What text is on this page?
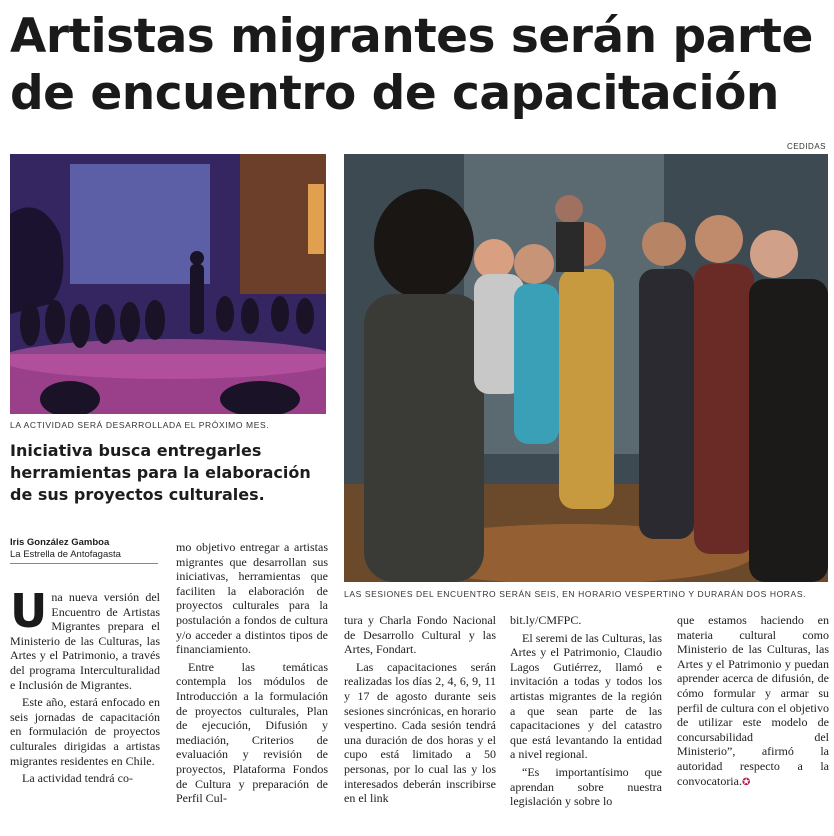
Artistas migrantes serán parte de encuentro de capacitación
CEDIDAS
LA ACTIVIDAD SERÁ DESARROLLADA EL PRÓXIMO MES.
LAS SESIONES DEL ENCUENTRO SERÁN SEIS, EN HORARIO VESPERTINO Y DURARÁN DOS HORAS.
Iniciativa busca entregarles herramientas para la elaboración de sus proyectos culturales.
Iris González Gamboa
La Estrella de Antofagasta

Una nueva versión del Encuentro de Artistas Migrantes prepara el Ministerio de las Culturas, las Artes y el Patrimonio, a través del programa Interculturalidad e Inclusión de Migrantes.

Este año, estará enfocado en seis jornadas de capacitación en formulación de proyectos culturales dirigidas a artistas migrantes residentes en Chile.

La actividad tendrá co-

mo objetivo entregar a artistas migrantes que desarrollan sus iniciativas, herramientas que faciliten la elaboración de proyectos culturales para la postulación a fondos de cultura y/o acceder a distintos tipos de financiamiento.

Entre las temáticas contempla los módulos de Introducción a la formulación de proyectos culturales, Plan de ejecución, Difusión y mediación, Criterios de evaluación y revisión de proyectos, Plataforma Fondos de Cultura y preparación de Perfil Cul-

tura y Charla Fondo Nacional de Desarrollo Cultural y las Artes, Fondart.

Las capacitaciones serán realizadas los días 2, 4, 6, 9, 11 y 17 de agosto durante seis sesiones sincrónicas, en horario vespertino. Cada sesión tendrá una duración de dos horas y el cupo está limitado a 50 personas, por lo cual las y los interesados deberán inscribirse en el link

bit.ly/CMFPC.

El seremi de las Culturas, las Artes y el Patrimonio, Claudio Lagos Gutiérrez, llamó e invitación a todas y todos los artistas migrantes de la región a que sean parte de las capacitaciones y del catastro que está levantando la entidad a nivel regional.

“Es importantísimo que aprendan sobre nuestra legislación y sobre lo

que estamos haciendo en materia cultural como Ministerio de las Culturas, las Artes y el Patrimonio y puedan aprender acerca de difusión, de cómo formular y armar su perfil de cultura con el objetivo de utilizar este modelo de concursabilidad del Ministerio”, afirmó la autoridad respecto a la convocatoria.✪
